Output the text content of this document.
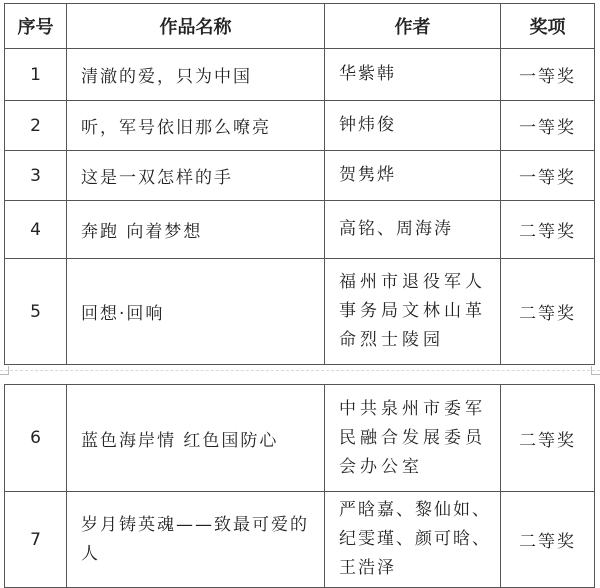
序号	作品名称	作者	奖项
1	清澈的爱，只为中国	华紫韩	一等奖
2	听，军号依旧那么嘹亮	钟炜俊	一等奖
3	这是一双怎样的手	贺隽烨	一等奖
4	奔跑 向着梦想	高铭、周海涛	二等奖
5	回想·回响	福州市退役军人事务局文林山革命烈士陵园	二等奖
6	蓝色海岸情 红色国防心	中共泉州市委军民融合发展委员会办公室	二等奖
7	岁月铸英魂——致最可爱的人	严晗嘉、黎仙如、纪雯瑾、颜可晗、王浩泽	二等奖
